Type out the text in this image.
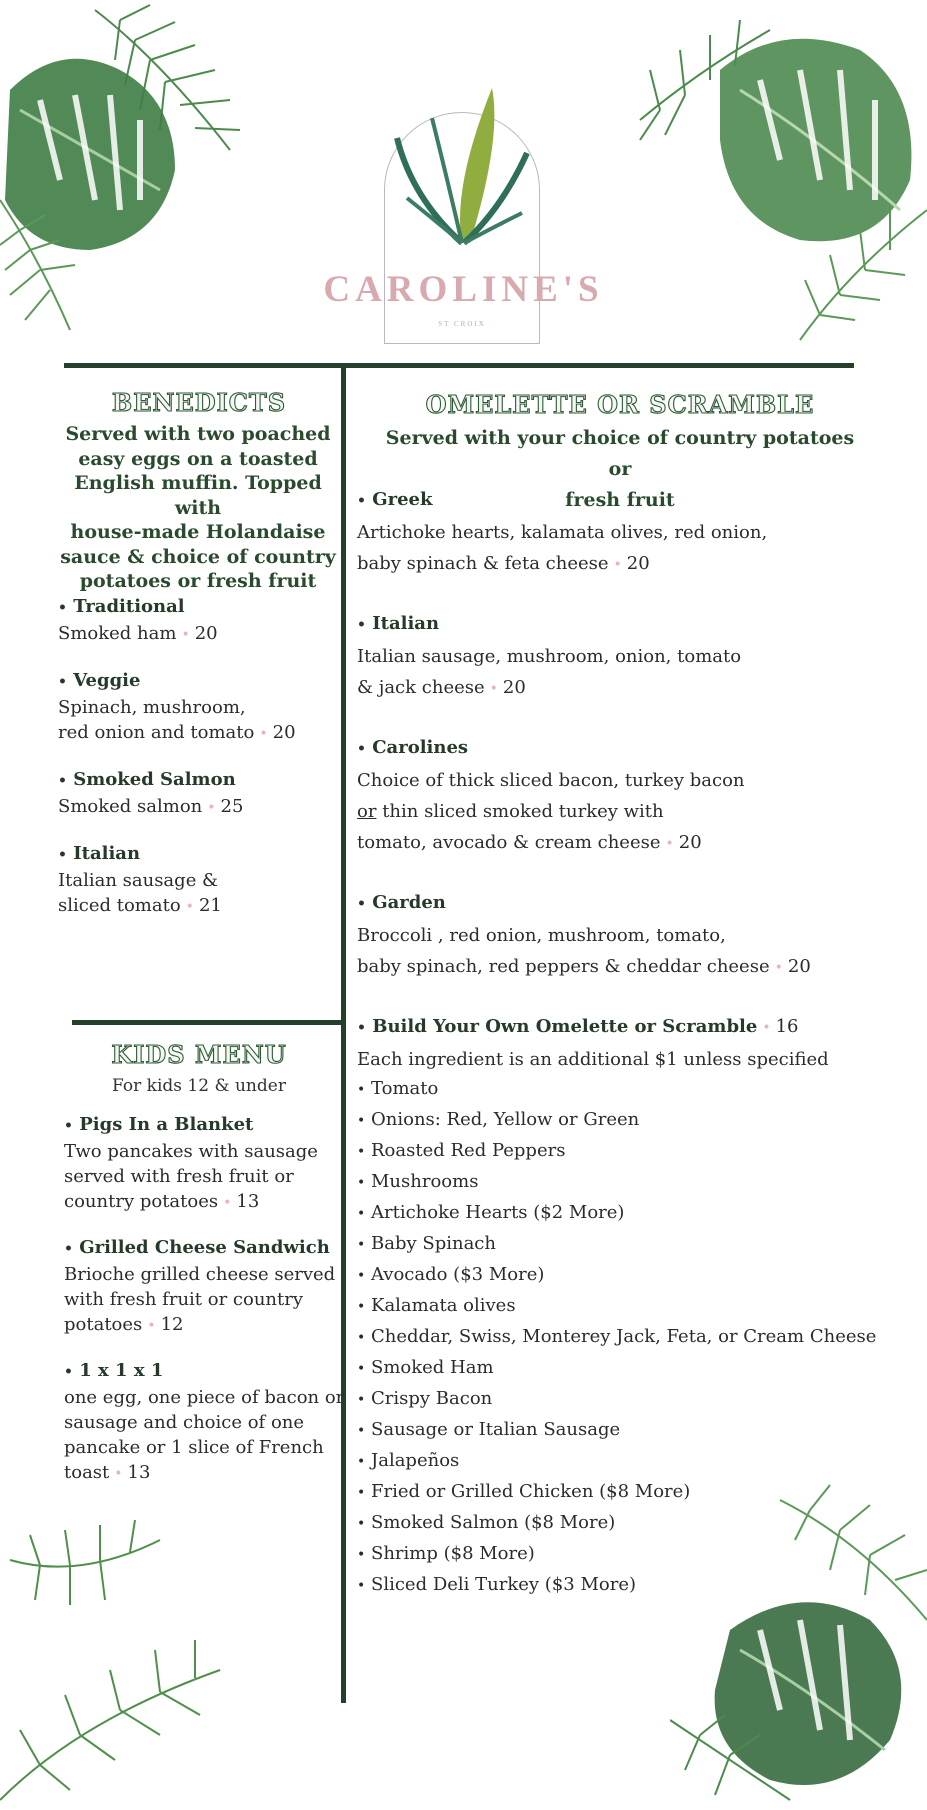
CAROLINE'S
ST CROIX
BENEDICTS
Served with two poached
easy eggs on a toasted
English muffin. Topped with
house-made Holandaise
sauce & choice of country
potatoes or fresh fruit
• Traditional
Smoked ham • 20
• Veggie
Spinach, mushroom,
red onion and tomato • 20
• Smoked Salmon
Smoked salmon • 25
• Italian
Italian sausage &
sliced tomato • 21
KIDS MENU
For kids 12 & under
• Pigs In a Blanket
Two pancakes with sausage
served with fresh fruit or
country potatoes • 13
• Grilled Cheese Sandwich
Brioche grilled cheese served
with fresh fruit or country
potatoes • 12
• 1 x 1 x 1
one egg, one piece of bacon or
sausage and choice of one
pancake or 1 slice of French
toast • 13
OMELETTE OR SCRAMBLE
Served with your choice of country potatoes or
fresh fruit
• Greek
Artichoke hearts, kalamata olives, red onion,
baby spinach & feta cheese • 20
• Italian
Italian sausage, mushroom, onion, tomato
& jack cheese • 20
• Carolines
Choice of thick sliced bacon, turkey bacon
or thin sliced smoked turkey with
tomato, avocado & cream cheese • 20
• Garden
Broccoli , red onion, mushroom, tomato,
baby spinach, red peppers & cheddar cheese • 20
• Build Your Own Omelette or Scramble • 16
Each ingredient is an additional $1 unless specified
• Tomato
• Onions: Red, Yellow or Green
• Roasted Red Peppers
• Mushrooms
• Artichoke Hearts ($2 More)
• Baby Spinach
• Avocado ($3 More)
• Kalamata olives
• Cheddar, Swiss, Monterey Jack, Feta, or Cream Cheese
• Smoked Ham
• Crispy Bacon
• Sausage or Italian Sausage
• Jalapeños
• Fried or Grilled Chicken ($8 More)
• Smoked Salmon ($8 More)
• Shrimp ($8 More)
• Sliced Deli Turkey ($3 More)
